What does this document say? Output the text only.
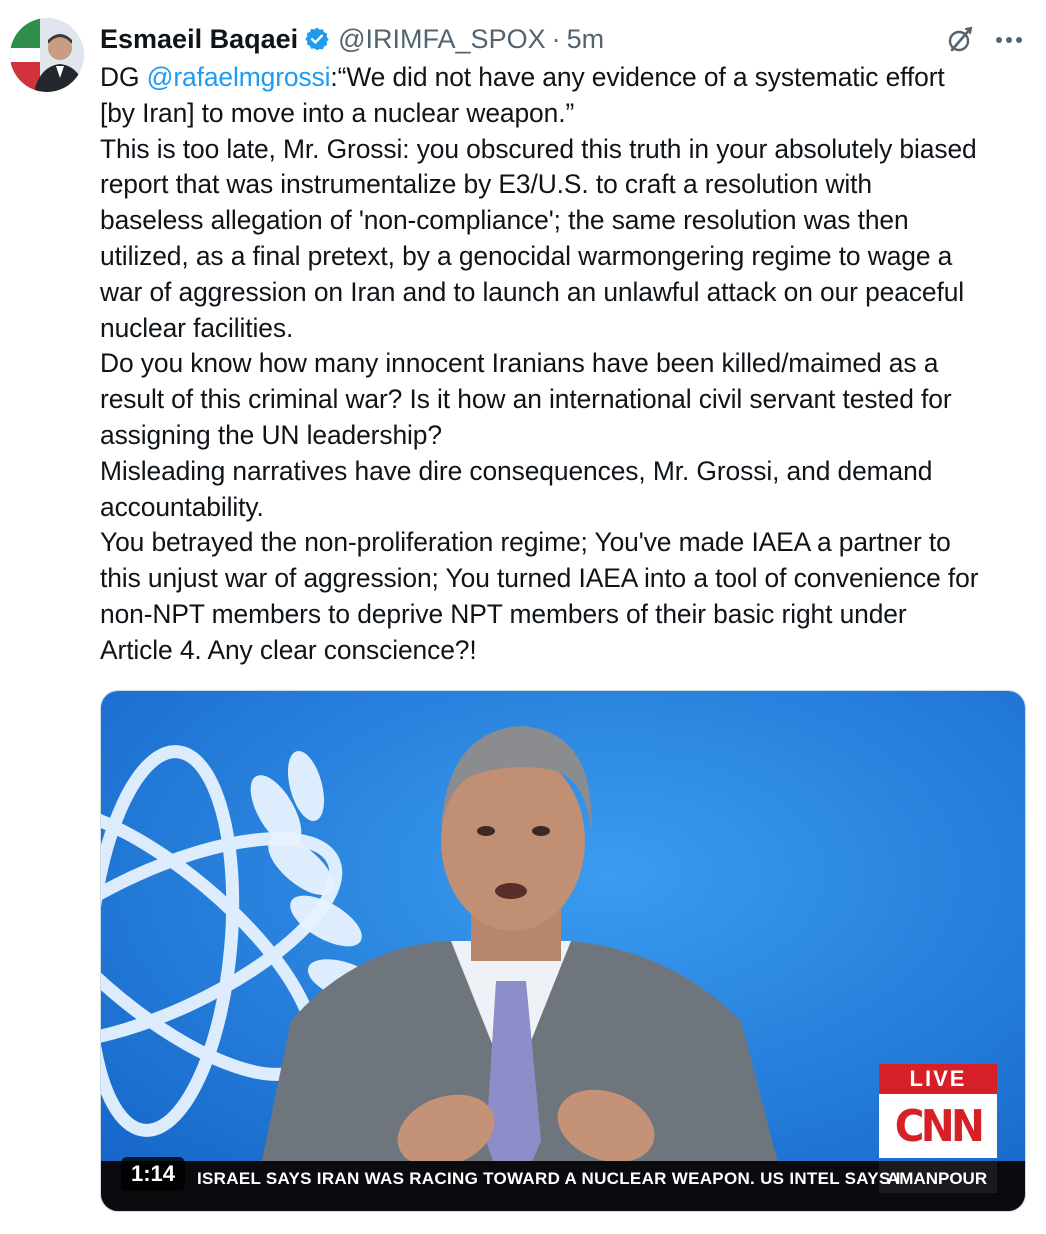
Esmaeil Baqaei @IRIMFA_SPOX · 5m
DG @rafaelmgrossi:“We did not have any evidence of a systematic effort
[by Iran] to move into a nuclear weapon.”
This is too late, Mr. Grossi: you obscured this truth in your absolutely biased
report that was instrumentalize by E3/U.S. to craft a resolution with
baseless allegation of 'non-compliance'; the same resolution was then
utilized, as a final pretext, by a genocidal warmongering regime to wage a
war of aggression on Iran and to launch an unlawful attack on our peaceful
nuclear facilities.
Do you know how many innocent Iranians have been killed/maimed as a
result of this criminal war? Is it how an international civil servant tested for
assigning the UN leadership?
Misleading narratives have dire consequences, Mr. Grossi, and demand
accountability.
You betrayed the non-proliferation regime; You've made IAEA a partner to
this unjust war of aggression; You turned IAEA into a tool of convenience for
non-NPT members to deprive NPT members of their basic right under
Article 4. Any clear conscience?!
1:14
LIVE
CNN
ISRAEL SAYS IRAN WAS RACING TOWARD A NUCLEAR WEAPON. US INTEL SAYS I
AMANPOUR
